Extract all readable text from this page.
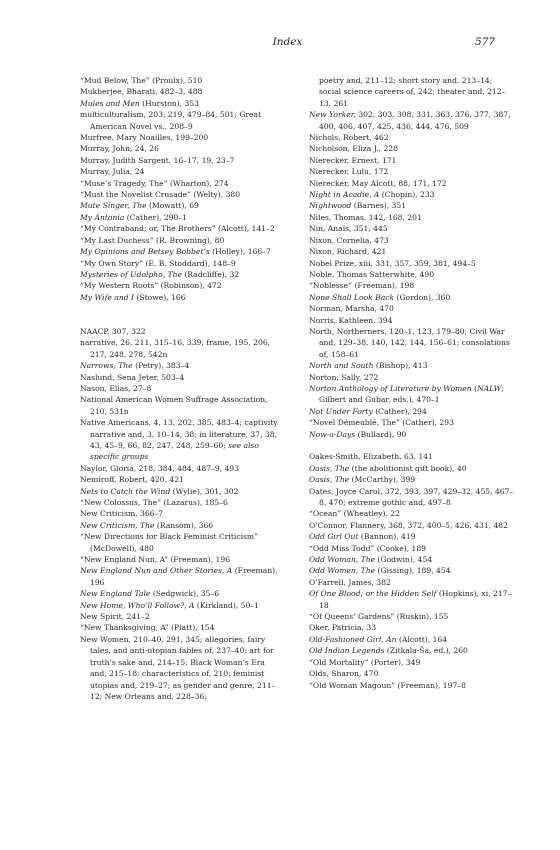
Index	577

“Mud Below, The” (Proulx), 510

Mukherjee, Bharati, 482–3, 488

Mules and Men (Hurston), 353

multiculturalism, 203, 219, 479–84, 501; Great American Novel vs., 208–9

Murfree, Mary Noailles, 199–200

Murray, John, 24, 26

Murray, Judith Sargent, 16–17, 19, 23–7

Murray, Julia, 24

“Muse’s Tragedy, The” (Wharton), 274

“Must the Novelist Crusade” (Welty), 380

Mute Singer, The (Mowatt), 69

My Ántonia (Cather), 290–1

“My Contraband; or, The Brothers” (Alcott), 141–2

“My Last Duchess” (R. Browning), 80

My Opinions and Betsey Bobbet’s (Holley), 166–7

“My Own Story” (E. B. Stoddard), 148–9

Mysteries of Udolpho, The (Radcliffe), 32

“My Western Roots” (Robinson), 472

My Wife and I (Stowe), 166

NAACP, 307, 322

narrative, 26, 211, 315–16, 339; frame, 195, 206, 217, 248, 278, 542n

Narrows, The (Petry), 383–4

Naslund, Sena Jeter, 503–4

Nason, Elias, 27–8

National American Women Suffrage Association, 210, 531n

Native Americans, 4, 13, 202, 385, 483–4; captivity narrative and, 3, 10–14, 38; in literature, 37, 38, 43, 45–9, 66, 82, 247, 248, 259–60; see also specific groups

Naylor, Gloria, 218, 384, 484, 487–9, 493

Nemiroff, Robert, 420, 421

Nets to Catch the Wind (Wylie), 301, 302

“New Colossus, The” (Lazarus), 185–6

New Criticism, 366–7

New Criticism, The (Ransom), 366

“New Directions for Black Feminist Criticism” (McDowell), 480

“New England Nun, A” (Freeman), 196

New England Nun and Other Stories, A (Freeman), 196

New England Tale (Sedgwick), 35–6

New Home, Who’ll Follow?, A (Kirkland), 50–1

New Spirit, 241–2

“New Thanksgiving, A” (Piatt), 154

New Women, 210–40, 291, 345; allegories, fairy tales, and anti-utopian fables of, 237–40; art for truth’s sake and, 214–15; Black Woman’s Era and, 215–18; characteristics of, 210; feminist utopias and, 219–27; as gender and genre, 211–12; New Orleans and, 228–36;

poetry and, 211–12; short story and, 213–14; social science careers of, 242; theater and, 212–13, 261

New Yorker, 302, 303, 308, 331, 363, 376, 377, 387, 400, 406, 407, 425, 436, 444, 476, 509

Nichols, Robert, 462

Nicholson, Eliza J., 228

Nierecker, Ernest, 171

Nierecker, Lulu, 172

Nierecker, May Alcott, 88, 171, 172

Night in Acadie, A (Chopin), 233

Nightwood (Barnes), 351

Niles, Thomas, 142, 168, 201

Nin, Anaïs, 351, 445

Nixon, Cornelia, 473

Nixon, Richard, 421

Nobel Prize, xiii, 331, 357, 359, 381, 494–5

Noble, Thomas Satterwhite, 490

“Noblesse” (Freeman), 198

None Shall Look Back (Gordon), 360

Norman, Marsha, 470

Norris, Kathleen, 394

North, Northerners, 120–1, 123, 179–80; Civil War and, 129–38, 140, 142, 144, 156–61; consolations of, 158–61

North and South (Bishop), 413

Norton, Sally, 272

Norton Anthology of Literature by Women (NALW; Gilbert and Gubar, eds.), 470–1

Not Under Forty (Cather), 294

“Novel Démeublé, The” (Cather), 293

Now-a-Days (Bullard), 90

Oakes-Smith, Elizabeth, 63, 141

Oasis, The (the abolitionist gift book), 40

Oasis, The (McCarthy), 399

Oates, Joyce Carol, 372, 393, 397, 429–32, 455, 467–8, 470; extreme gothic and, 497–8

“Ocean” (Wheatley), 22

O’Connor, Flannery, 368, 372, 400–5, 426, 431, 482

Odd Girl Out (Bannon), 419

“Odd Miss Todd” (Cooke), 189

Odd Woman, The (Godwin), 454

Odd Women, The (Gissing), 189, 454

O’Farrell, James, 382

Of One Blood; or the Hidden Self (Hopkins), xi, 217–18

“Of Queens’ Gardens” (Ruskin), 155

Oker, Patricia, 33

Old-Fashioned Girl, An (Alcott), 164

Old Indian Legends (Zitkala-Ša, ed.), 260

“Old Mortality” (Porter), 349

Olds, Sharon, 470

“Old Woman Magoun” (Freeman), 197–8
